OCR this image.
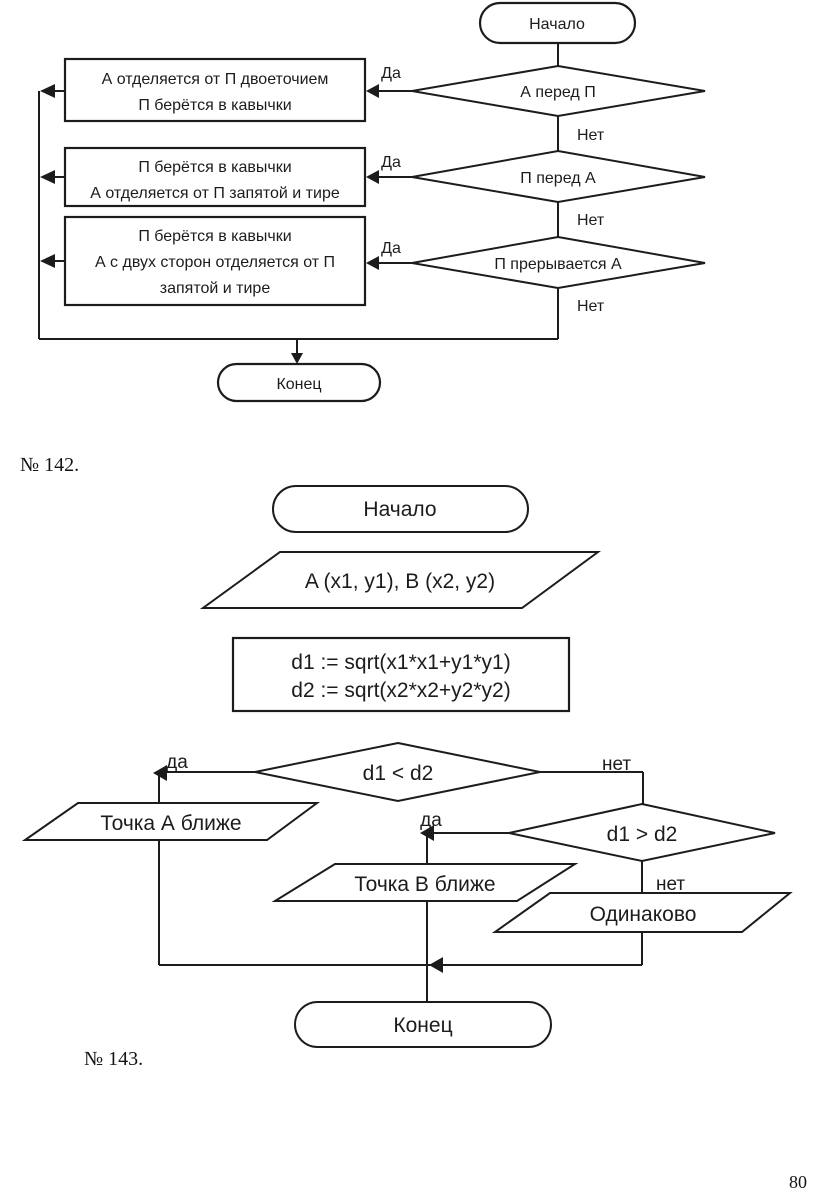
Начало
А перед П
П перед А
П прерывается А
А отделяется от П двоеточием
П берётся в кавычки
П берётся в кавычки
А отделяется от П запятой и тире
П берётся в кавычки
А с двух сторон отделяется от П
запятой и тире
Да
Да
Да
Нет
Нет
Нет
Конец
Начало
A (x1, y1), B (x2, y2)
d1 := sqrt(x1*x1+y1*y1)
d2 := sqrt(x2*x2+y2*y2)
d1 < d2
d1 > d2
Точка А ближе
Точка В ближе
Одинаково
Конец
да	нет
да
нет
№ 142.
№ 143.
80
